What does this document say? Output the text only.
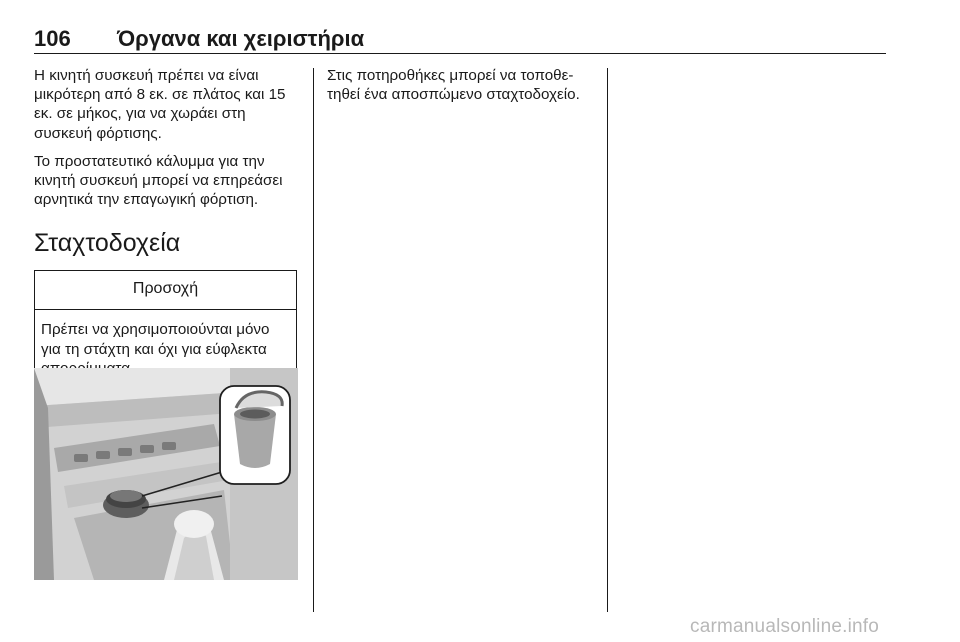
106 Όργανα και χειριστήρια

Η κινητή συσκευή πρέπει να είναι μικρότερη από 8 εκ. σε πλάτος και 15 εκ. σε μήκος, για να χωράει στη συσκευή φόρτισης.

Το προστατευτικό κάλυμμα για την κινητή συσκευή μπορεί να επηρεάσει αρνητικά την επαγωγική φόρτιση.

Σταχτοδοχεία
Προσοχή
Πρέπει να χρησιμοποιούνται μόνο για τη στάχτη και όχι για εύφλεκτα

Στις ποτηροθήκες μπορεί να τοποθε‐ τηθεί ένα αποσπώμενο σταχτοδοχείο.

carmanualsonline.info
